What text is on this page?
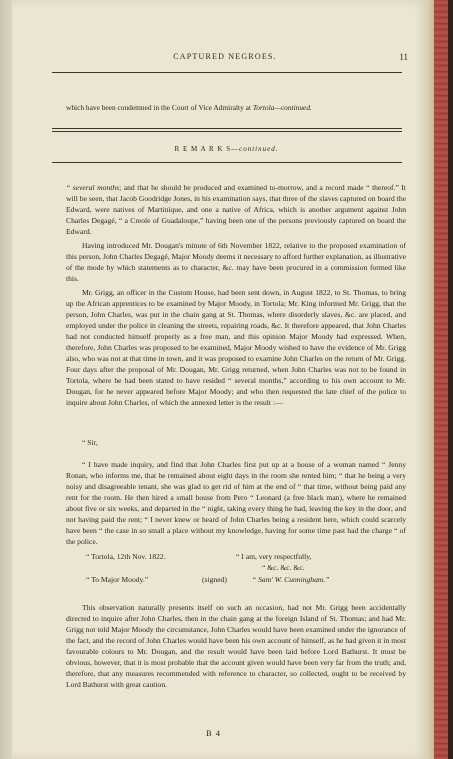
CAPTURED NEGROES.	11
which have been condemned in the Court of Vice Admiralty at Tortola—continued.
R E M A R K S—continued.

“ several months; and that he should be produced and examined to-morrow, and a record made “ thereof.” It will be seen, that Jacob Goodridge Jones, in his examination says, that three of the slaves captured on board the Edward, were natives of Martinique, and one a native of Africa, which is another argument against John Charles Degagé, “ a Creole of Guadaloupe,” having been one of the persons previously captured on board the Edward.

Having introduced Mr. Dougan's minute of 6th November 1822, relative to the proposed examination of this person, John Charles Degagé, Major Moody deems it necessary to afford further explanation, as illustrative of the mode by which statements as to character, &c. may have been procured in a commission formed like this.

Mr. Grigg, an officer in the Custom House, had been sent down, in August 1822, to St. Thomas, to bring up the African apprentices to be examined by Major Moody, in Tortola; Mr. King informed Mr. Grigg, that the person, John Charles, was put in the chain gang at St. Thomas, where disorderly slaves, &c. are placed, and employed under the police in cleaning the streets, repairing roads, &c. It therefore appeared, that John Charles had not conducted himself properly as a free man, and this opinion Major Moody had expressed. When, therefore, John Charles was proposed to be examined, Major Moody wished to have the evidence of Mr. Grigg also, who was not at that time in town, and it was proposed to examine John Charles on the return of Mr. Grigg. Four days after the proposal of Mr. Dougan, Mr. Grigg returned, when John Charles was not to be found in Tortola, where he had been stated to have resided “ several months,” according to his own account to Mr. Dougan, for he never appeared before Major Moody; and who then requested the late chief of the police to inquire about John Charles, of which the annexed letter is the result :—

“ Sir,

“ I have made inquiry, and find that John Charles first put up at a house of a woman named “ Jenny Ronan, who informs me, that he remained about eight days in the room she rented him; “ that he being a very noisy and disagreeable tenant, she was glad to get rid of him at the end of “ that time, without being paid any rent for the room. He then hired a small house from Pero “ Leonard (a free black man), where he remained about five or six weeks, and departed in the “ night, taking every thing he had, leaving the key in the door, and not having paid the rent; “ I never knew or heard of John Charles being a resident here, which could scarcely have been “ the case in so small a place without my knowledge, having for some time past had the charge “ of the police.

“ Tortola, 12th Nov. 1822.	“ I am, very respectfully,
“ &c. &c. &c.
“ To Major Moody.”	(signed)	“ Sam' W. Cunningham.”

This observation naturally presents itself on such an occasion, had not Mr. Grigg been accidentally directed to inquire after John Charles, then in the chain gang at the foreign Island of St. Thomas; and had Mr. Grigg not told Major Moody the circumstance, John Charles would have been examined under the ignorance of the fact, and the record of John Charles would have been his own account of himself, as he had given it in most favourable colours to Mr. Dougan, and the result would have been laid before Lord Bathurst. It must be obvious, however, that it is most probable that the account given would have been very far from the truth; and, therefore, that any measures recommended with reference to character, so collected, ought to be received by Lord Bathurst with great caution.

B 4
